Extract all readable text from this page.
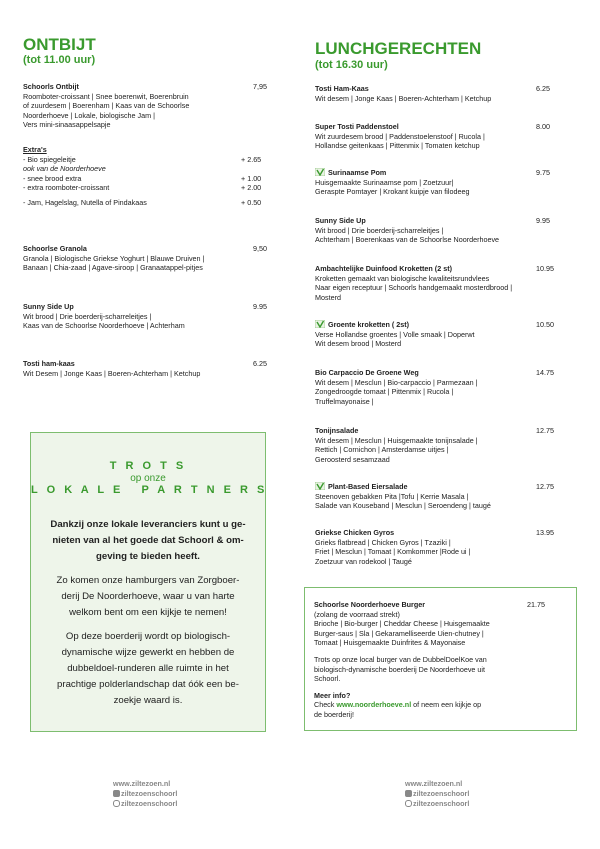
ONTBIJT
(tot 11.00 uur)
Schoorls Ontbijt	7,95
Roomboter-croissant | Snee boerenwit, Boerenbruin
of zuurdesem | Boerenham | Kaas van de Schoorlse
Noorderhoeve | Lokale, biologische Jam |
Vers mini-sinaasappelsapje
Schoorlse Granola	9,50
Granola | Biologische Griekse Yoghurt | Blauwe Druiven |
Banaan | Chia-zaad | Agave-siroop | Granaatappel-pitjes
Sunny Side Up	9.95
Wit brood | Drie boerderij-scharreleitjes |
Kaas van de Schoorlse Noorderhoeve | Achterham
Tosti ham-kaas	6.25
Wit Desem | Jonge Kaas | Boeren-Achterham | Ketchup
Extra's
- Bio spiegeleitje	+ 2.65
ook van de Noorderhoeve
- snee brood extra	+ 1.00
- extra roomboter-croissant	+ 2.00
- Jam, Hagelslag, Nutella of Pindakaas	+ 0.50
T R O T S
op onze
L O K A L E   P A R T N E R S
Dankzij onze lokale leveranciers kunt u ge-
nieten van al het goede dat Schoorl & om-
geving te bieden heeft.
Zo komen onze hamburgers van Zorgboer-
derij De Noorderhoeve, waar u van harte
welkom bent om een kijkje te nemen!
Op deze boerderij wordt op biologisch-
dynamische wijze gewerkt en hebben de
dubbeldoel-runderen alle ruimte in het
prachtige polderlandschap dat óók een be-
zoekje waard is.
LUNCHGERECHTEN
(tot 16.30 uur)
Tosti Ham-Kaas	6.25
Wit desem | Jonge Kaas | Boeren-Achterham | Ketchup
Super Tosti Paddenstoel	8.00
Wit zuurdesem brood | Paddenstoelenstoof | Rucola |
Hollandse geitenkaas | Pittenmix | Tomaten ketchup
Surinaamse Pom	9.75
Huisgemaakte Surinaamse pom | Zoetzuur|
Geraspte Pomtayer | Krokant kuipje van filodeeg
Sunny Side Up	9.95
Wit brood | Drie boerderij-scharreleitjes |
Achterham | Boerenkaas van de Schoorlse Noorderhoeve
Ambachtelijke Duinfood Kroketten (2 st)	10.95
Kroketten gemaakt van biologische kwaliteitsrundvlees
Naar eigen receptuur | Schoorls handgemaakt mosterdbrood |
Mosterd
Groente kroketten ( 2st)	10.50
Verse Hollandse groentes | Volle smaak | Doperwt
Wit desem brood | Mosterd
Bio Carpaccio De Groene Weg	14.75
Wit desem | Mesclun | Bio-carpaccio | Parmezaan |
Zongedroogde tomaat | Pittenmix | Rucola |
Truffelmayonaise |
Tonijnsalade	12.75
Wit desem | Mesclun | Huisgemaakte tonijnsalade |
Rettich | Cornichon | Amsterdamse uitjes |
Geroosterd sesamzaad
Plant-Based Eiersalade	12.75
Steenoven gebakken Pita |Tofu | Kerrie Masala |
Salade van Kouseband | Mesclun | Seroendeng | taugé
Griekse Chicken Gyros	13.95
Grieks flatbread | Chicken Gyros | Tzaziki |
Friet | Mesclun | Tomaat | Komkommer |Rode ui |
Zoetzuur van rodekool | Taugé
Schoorlse Noorderhoeve Burger	21.75
(zolang de voorraad strekt)
Brioche | Bio-burger | Cheddar Cheese | Huisgemaakte
Burger-saus | Sla | Gekaramelliseerde Uien-chutney |
Tomaat | Huisgemaakte Duinfrites & Mayonaise
Trots op onze local burger van de DubbelDoelKoe van
biologisch-dynamische boerderij De Noorderhoeve uit
Schoorl.
Meer info?
Check www.noorderhoeve.nl of neem een kijkje op
de boerderij!
www.ziltezoen.nl
ziltezoenschoorl
ziltezoenschoorl
www.ziltezoen.nl
ziltezoenschoorl
ziltezoenschoorl
